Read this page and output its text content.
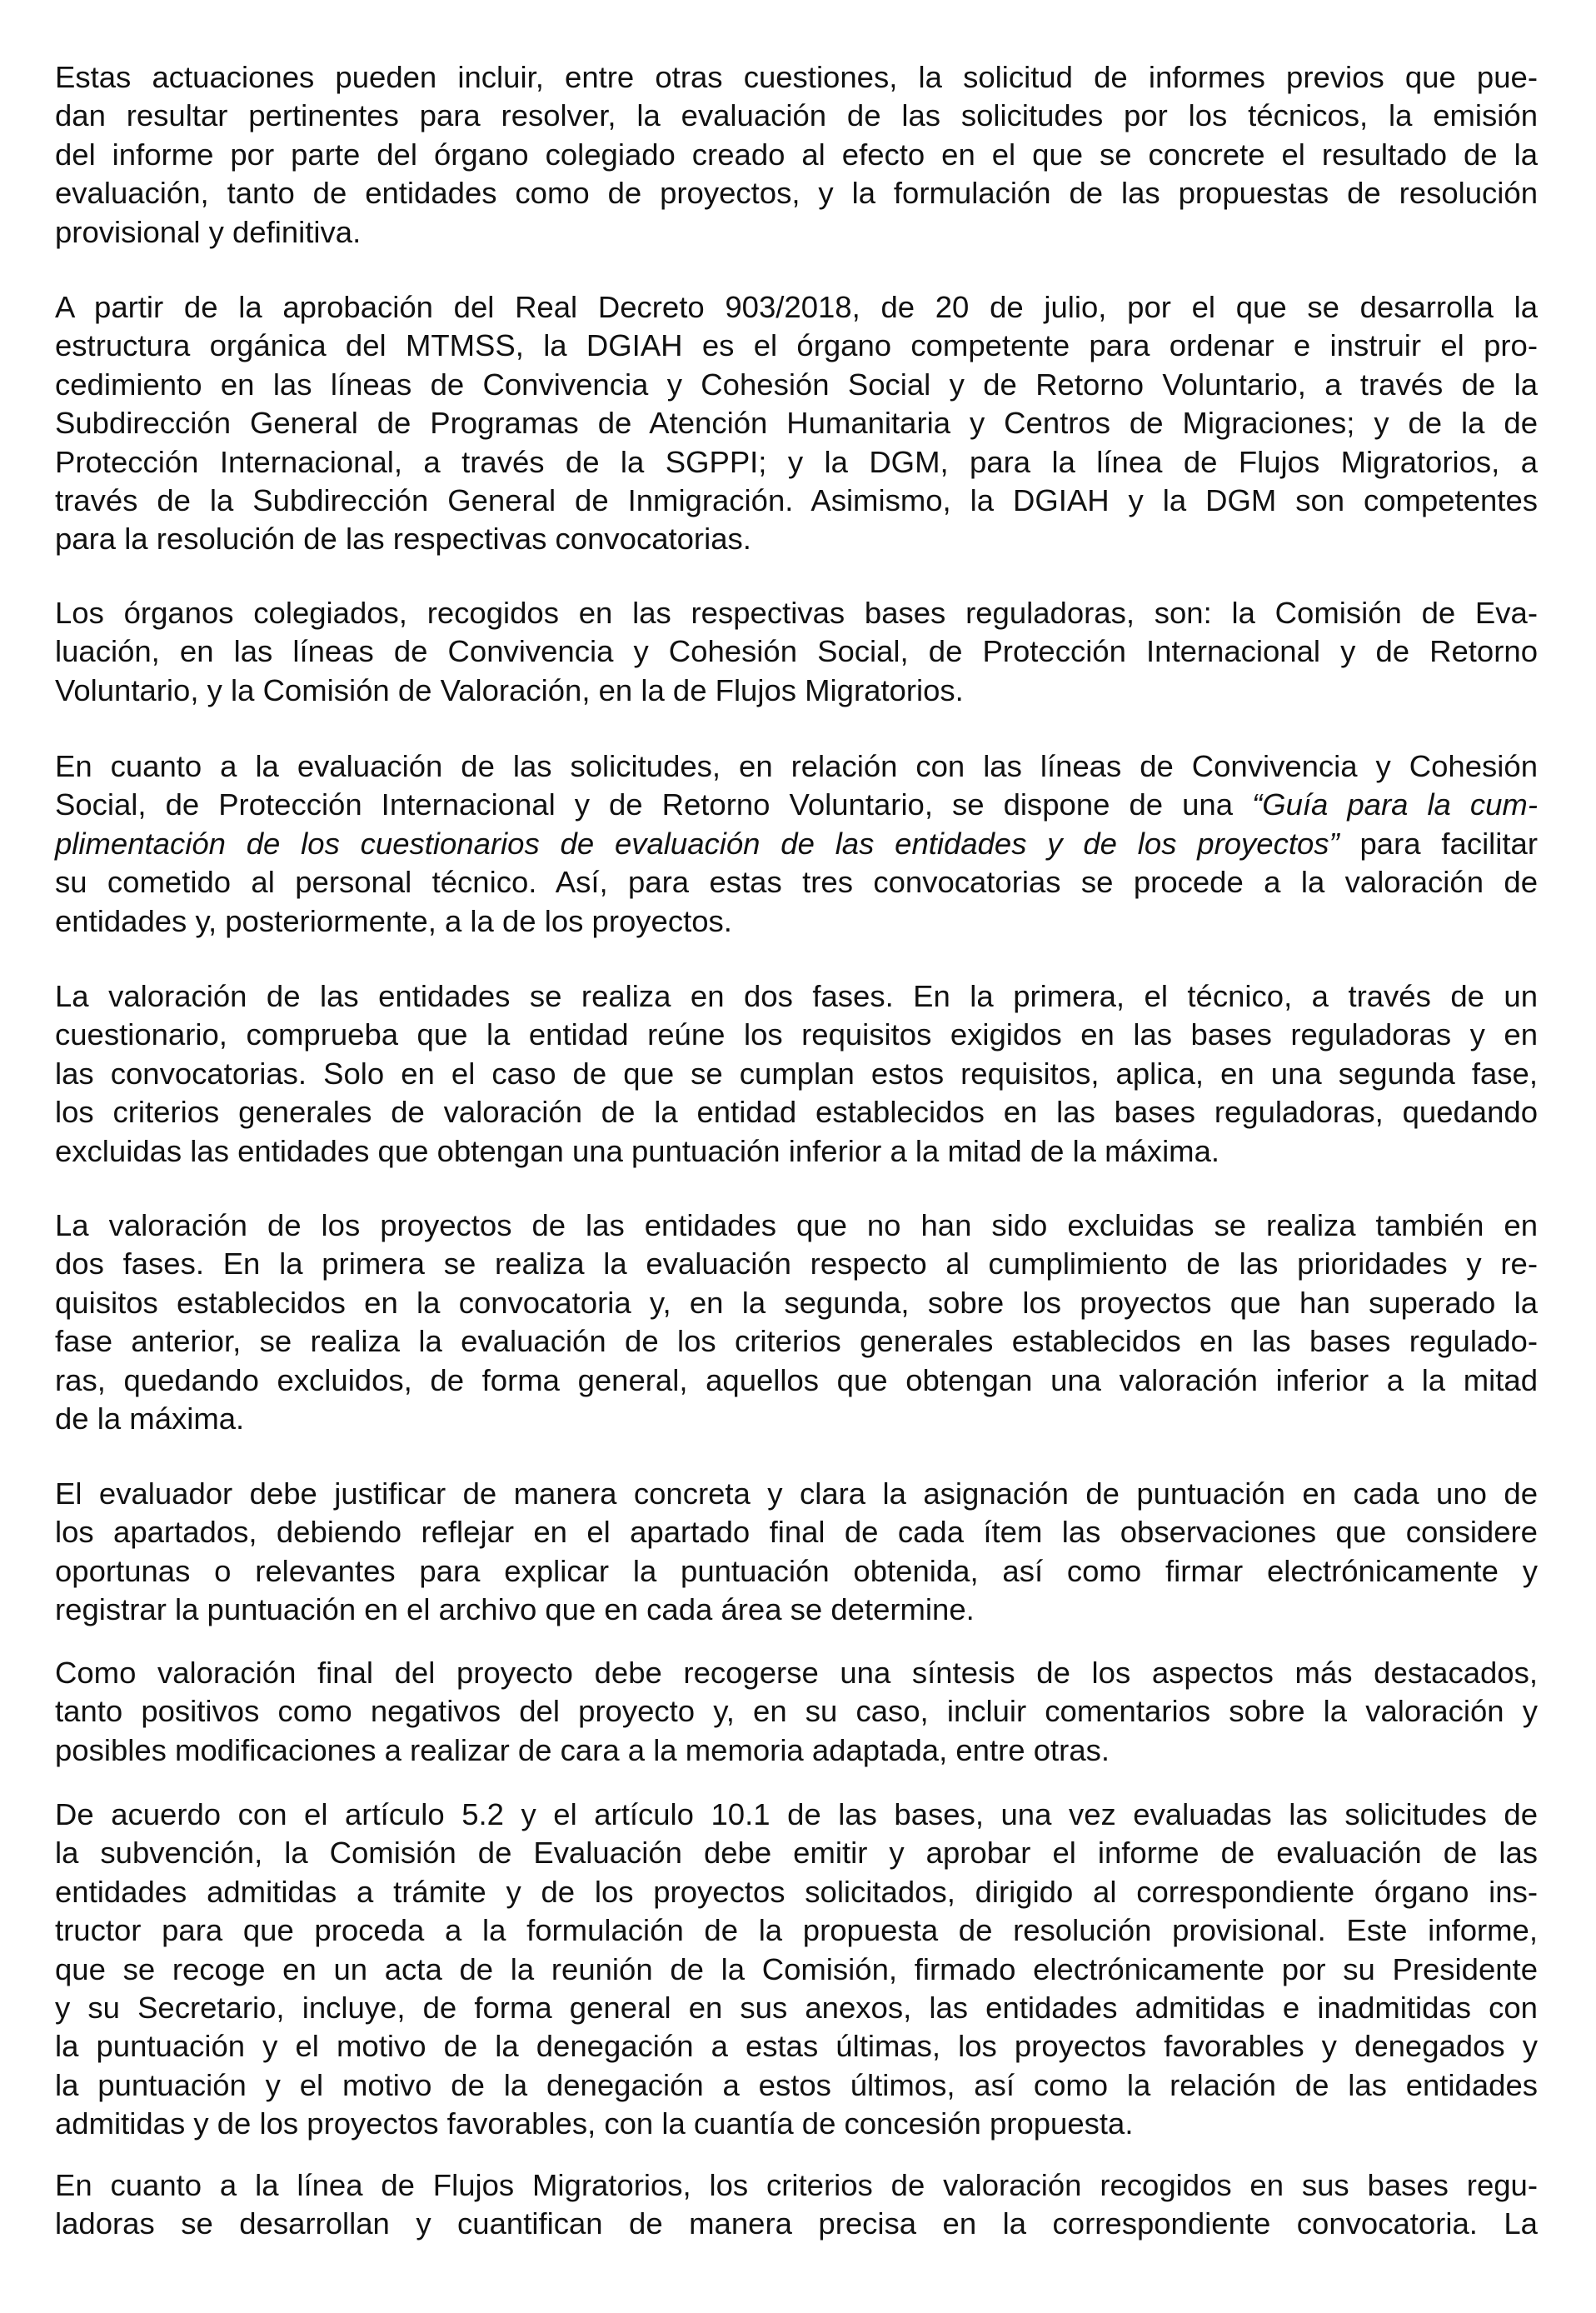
Estas actuaciones pueden incluir, entre otras cuestiones, la solicitud de informes previos que pue-
dan resultar pertinentes para resolver, la evaluación de las solicitudes por los técnicos, la emisión
del informe por parte del órgano colegiado creado al efecto en el que se concrete el resultado de la
evaluación, tanto de entidades como de proyectos, y la formulación de las propuestas de resolución
provisional y definitiva.
A partir de la aprobación del Real Decreto 903/2018, de 20 de julio, por el que se desarrolla la
estructura orgánica del MTMSS, la DGIAH es el órgano competente para ordenar e instruir el pro-
cedimiento en las líneas de Convivencia y Cohesión Social y de Retorno Voluntario, a través de la
Subdirección General de Programas de Atención Humanitaria y Centros de Migraciones; y de la de
Protección Internacional, a través de la SGPPI; y la DGM, para la línea de Flujos Migratorios, a
través de la Subdirección General de Inmigración. Asimismo, la DGIAH y la DGM son competentes
para la resolución de las respectivas convocatorias.
Los órganos colegiados, recogidos en las respectivas bases reguladoras, son: la Comisión de Eva-
luación, en las líneas de Convivencia y Cohesión Social, de Protección Internacional y de Retorno
Voluntario, y la Comisión de Valoración, en la de Flujos Migratorios.
En cuanto a la evaluación de las solicitudes, en relación con las líneas de Convivencia y Cohesión
Social, de Protección Internacional y de Retorno Voluntario, se dispone de una “Guía para la cum-
plimentación de los cuestionarios de evaluación de las entidades y de los proyectos” para facilitar
su cometido al personal técnico. Así, para estas tres convocatorias se procede a la valoración de
entidades y, posteriormente, a la de los proyectos.
La valoración de las entidades se realiza en dos fases. En la primera, el técnico, a través de un
cuestionario, comprueba que la entidad reúne los requisitos exigidos en las bases reguladoras y en
las convocatorias. Solo en el caso de que se cumplan estos requisitos, aplica, en una segunda fase,
los criterios generales de valoración de la entidad establecidos en las bases reguladoras, quedando
excluidas las entidades que obtengan una puntuación inferior a la mitad de la máxima.
La valoración de los proyectos de las entidades que no han sido excluidas se realiza también en
dos fases. En la primera se realiza la evaluación respecto al cumplimiento de las prioridades y re-
quisitos establecidos en la convocatoria y, en la segunda, sobre los proyectos que han superado la
fase anterior, se realiza la evaluación de los criterios generales establecidos en las bases regulado-
ras, quedando excluidos, de forma general, aquellos que obtengan una valoración inferior a la mitad
de la máxima.
El evaluador debe justificar de manera concreta y clara la asignación de puntuación en cada uno de
los apartados, debiendo reflejar en el apartado final de cada ítem las observaciones que considere
oportunas o relevantes para explicar la puntuación obtenida, así como firmar electrónicamente y
registrar la puntuación en el archivo que en cada área se determine.
Como valoración final del proyecto debe recogerse una síntesis de los aspectos más destacados,
tanto positivos como negativos del proyecto y, en su caso, incluir comentarios sobre la valoración y
posibles modificaciones a realizar de cara a la memoria adaptada, entre otras.
De acuerdo con el artículo 5.2 y el artículo 10.1 de las bases, una vez evaluadas las solicitudes de
la subvención, la Comisión de Evaluación debe emitir y aprobar el informe de evaluación de las
entidades admitidas a trámite y de los proyectos solicitados, dirigido al correspondiente órgano ins-
tructor para que proceda a la formulación de la propuesta de resolución provisional. Este informe,
que se recoge en un acta de la reunión de la Comisión, firmado electrónicamente por su Presidente
y su Secretario, incluye, de forma general en sus anexos, las entidades admitidas e inadmitidas con
la puntuación y el motivo de la denegación a estas últimas, los proyectos favorables y denegados y
la puntuación y el motivo de la denegación a estos últimos, así como la relación de las entidades
admitidas y de los proyectos favorables, con la cuantía de concesión propuesta.
En cuanto a la línea de Flujos Migratorios, los criterios de valoración recogidos en sus bases regu-
ladoras se desarrollan y cuantifican de manera precisa en la correspondiente convocatoria. La
